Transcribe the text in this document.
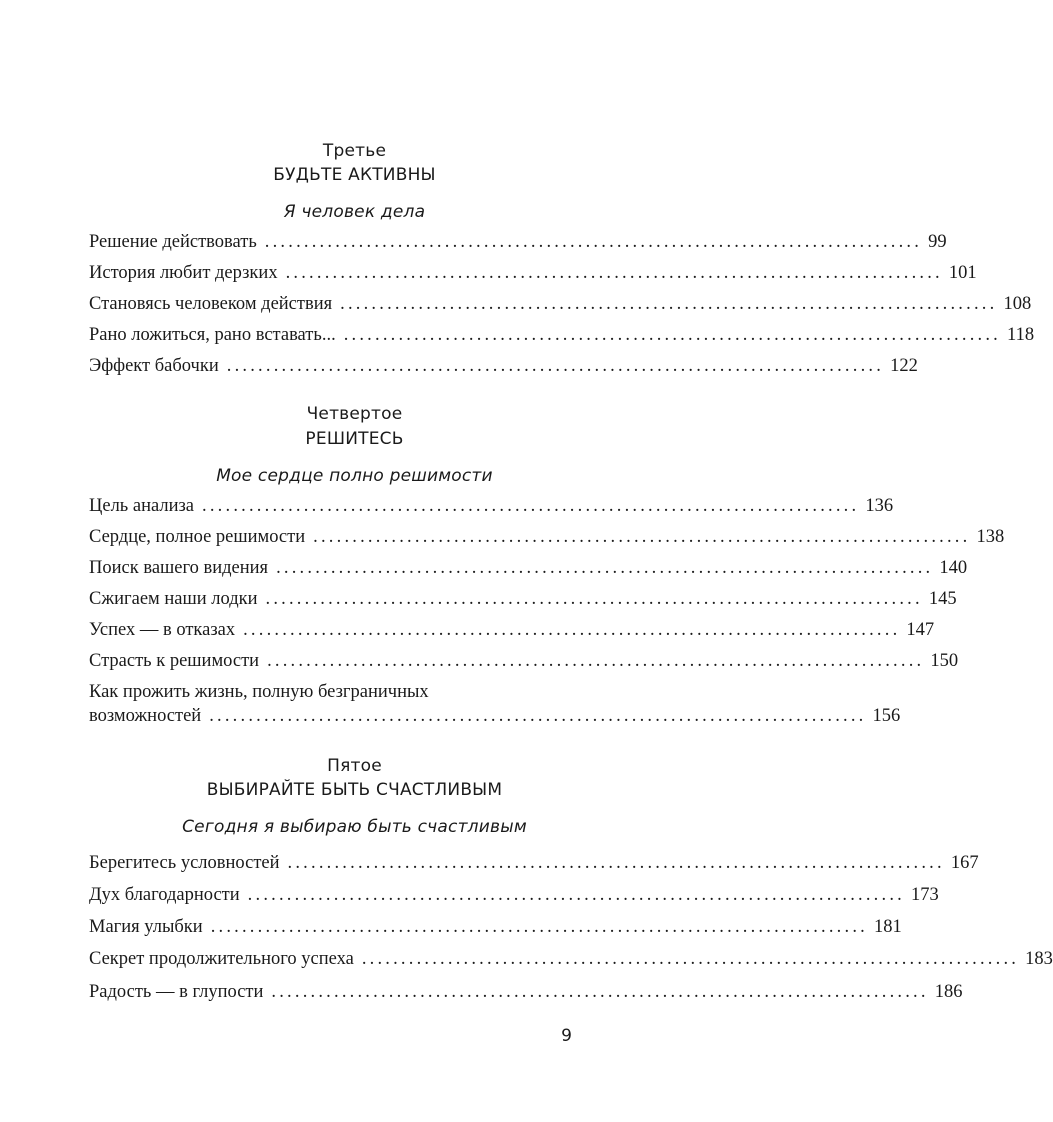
Третье
БУДЬТЕ АКТИВНЫ
Я человек дела
Решение действовать .................................................................................... 99
История любит дерзких .................................................................................... 101
Становясь человеком действия .................................................................................... 108
Рано ложиться, рано вставать... .................................................................................... 118
Эффект бабочки .................................................................................... 122
Четвертое
РЕШИТЕСЬ
Мое сердце полно решимости
Цель анализа .................................................................................... 136
Сердце, полное решимости .................................................................................... 138
Поиск вашего видения .................................................................................... 140
Сжигаем наши лодки .................................................................................... 145
Успех — в отказах .................................................................................... 147
Страсть к решимости .................................................................................... 150
Как прожить жизнь, полную безграничных
возможностей .................................................................................... 156
Пятое
ВЫБИРАЙТЕ БЫТЬ СЧАСТЛИВЫМ
Сегодня я выбираю быть счастливым
Берегитесь условностей .................................................................................... 167
Дух благодарности .................................................................................... 173
Магия улыбки .................................................................................... 181
Секрет продолжительного успеха .................................................................................... 183
Радость — в глупости .................................................................................... 186
9
